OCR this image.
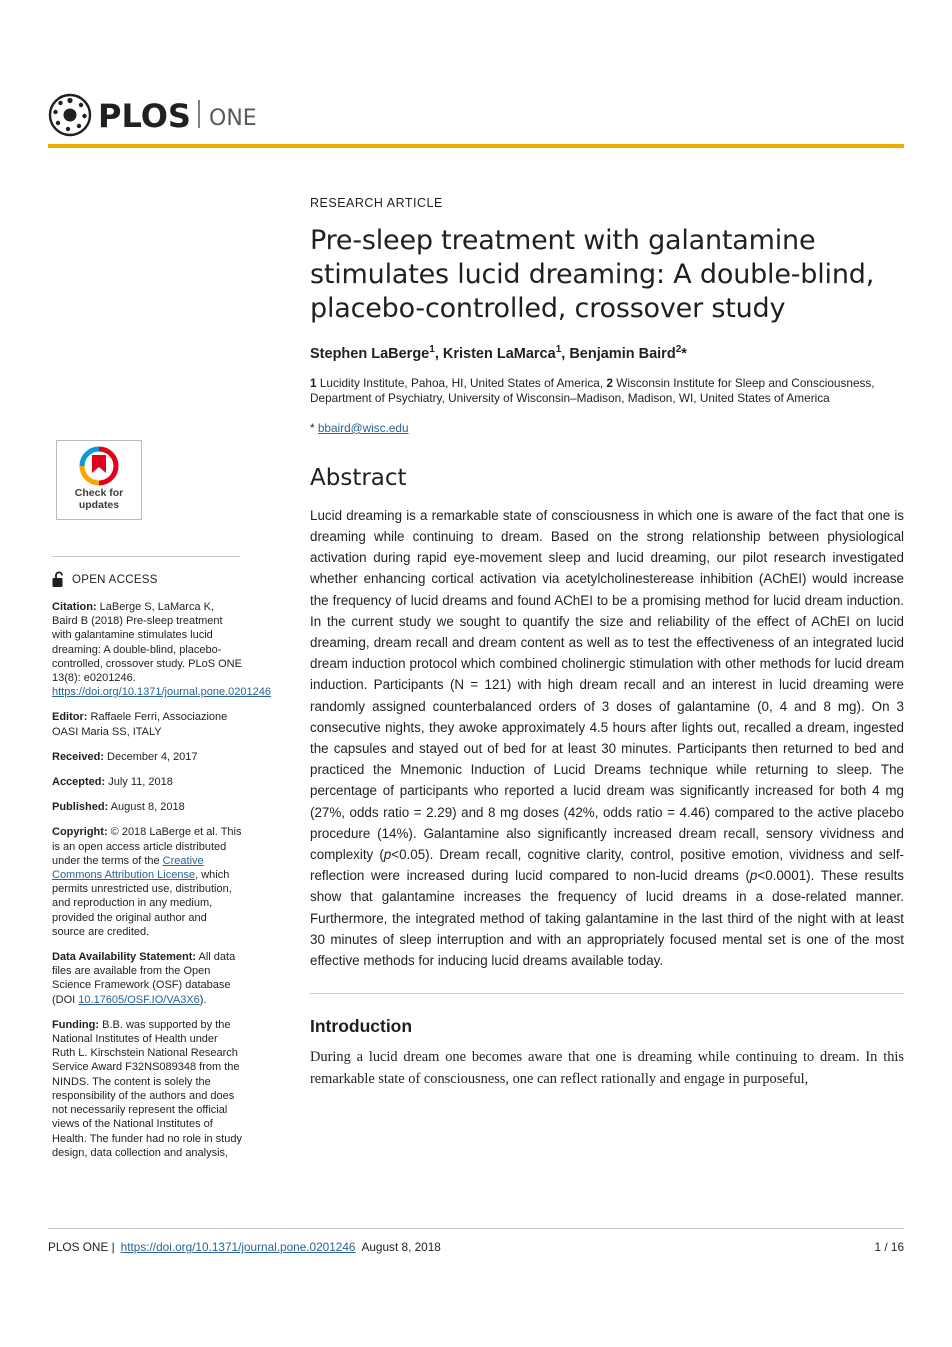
PLOS ONE
Check for
updates
OPEN ACCESS
Citation: LaBerge S, LaMarca K, Baird B (2018) Pre-sleep treatment with galantamine stimulates lucid dreaming: A double-blind, placebo-controlled, crossover study. PLoS ONE 13(8): e0201246. https://doi.org/10.1371/journal.pone.0201246
Editor: Raffaele Ferri, Associazione OASI Maria SS, ITALY
Received: December 4, 2017
Accepted: July 11, 2018
Published: August 8, 2018
Copyright: © 2018 LaBerge et al. This is an open access article distributed under the terms of the Creative Commons Attribution License, which permits unrestricted use, distribution, and reproduction in any medium, provided the original author and source are credited.
Data Availability Statement: All data files are available from the Open Science Framework (OSF) database (DOI 10.17605/OSF.IO/VA3X6).
Funding: B.B. was supported by the National Institutes of Health under Ruth L. Kirschstein National Research Service Award F32NS089348 from the NINDS. The content is solely the responsibility of the authors and does not necessarily represent the official views of the National Institutes of Health. The funder had no role in study design, data collection and analysis,
RESEARCH ARTICLE
Pre-sleep treatment with galantamine stimulates lucid dreaming: A double-blind, placebo-controlled, crossover study
Stephen LaBerge$^1$, Kristen LaMarca$^1$, Benjamin Baird$^2$*
1 Lucidity Institute, Pahoa, HI, United States of America, 2 Wisconsin Institute for Sleep and Consciousness, Department of Psychiatry, University of Wisconsin–Madison, Madison, WI, United States of America
* bbaird@wisc.edu
Abstract
Lucid dreaming is a remarkable state of consciousness in which one is aware of the fact that one is dreaming while continuing to dream. Based on the strong relationship between physiological activation during rapid eye-movement sleep and lucid dreaming, our pilot research investigated whether enhancing cortical activation via acetylcholinesterease inhibition (AChEI) would increase the frequency of lucid dreams and found AChEI to be a promising method for lucid dream induction. In the current study we sought to quantify the size and reliability of the effect of AChEI on lucid dreaming, dream recall and dream content as well as to test the effectiveness of an integrated lucid dream induction protocol which combined cholinergic stimulation with other methods for lucid dream induction. Participants (N = 121) with high dream recall and an interest in lucid dreaming were randomly assigned counterbalanced orders of 3 doses of galantamine (0, 4 and 8 mg). On 3 consecutive nights, they awoke approximately 4.5 hours after lights out, recalled a dream, ingested the capsules and stayed out of bed for at least 30 minutes. Participants then returned to bed and practiced the Mnemonic Induction of Lucid Dreams technique while returning to sleep. The percentage of participants who reported a lucid dream was significantly increased for both 4 mg (27%, odds ratio = 2.29) and 8 mg doses (42%, odds ratio = 4.46) compared to the active placebo procedure (14%). Galantamine also significantly increased dream recall, sensory vividness and complexity (p<0.05). Dream recall, cognitive clarity, control, positive emotion, vividness and self-reflection were increased during lucid compared to non-lucid dreams (p<0.0001). These results show that galantamine increases the frequency of lucid dreams in a dose-related manner. Furthermore, the integrated method of taking galantamine in the last third of the night with at least 30 minutes of sleep interruption and with an appropriately focused mental set is one of the most effective methods for inducing lucid dreams available today.
Introduction
During a lucid dream one becomes aware that one is dreaming while continuing to dream. In this remarkable state of consciousness, one can reflect rationally and engage in purposeful,
PLOS ONE | https://doi.org/10.1371/journal.pone.0201246 August 8, 2018	1 / 16
